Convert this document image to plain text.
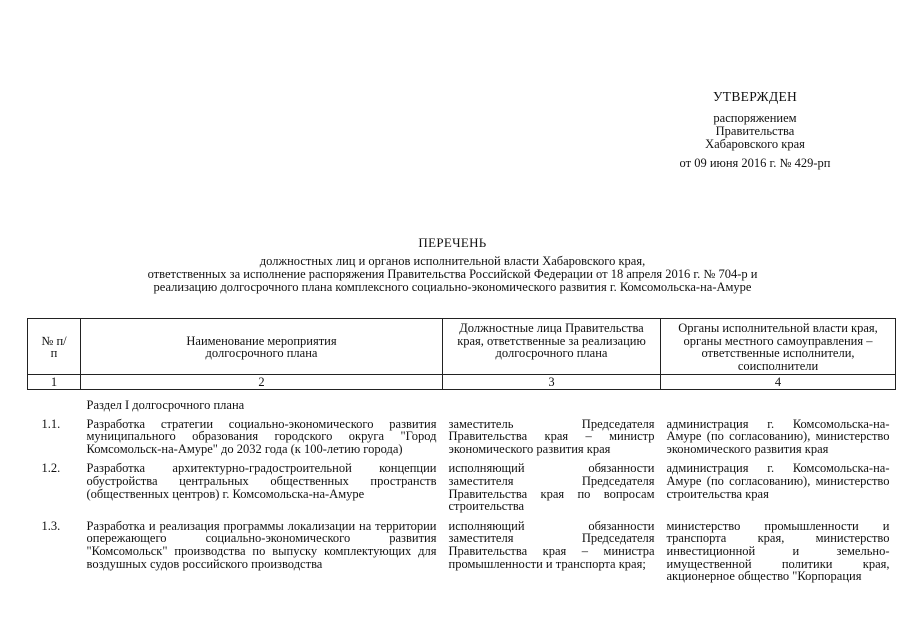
УТВЕРЖДЕН
распоряжением
Правительства
Хабаровского края
от 09 июня 2016 г. № 429-рп
ПЕРЕЧЕНЬ
должностных лиц и органов исполнительной власти Хабаровского края,
ответственных за исполнение распоряжения Правительства Российской Федерации от 18 апреля 2016 г. № 704-р и
реализацию долгосрочного плана комплексного социально-экономического развития г. Комсомольска-на-Амуре
№ п/п	Наименование мероприятия долгосрочного плана	Должностные лица Правительства края, ответственные за реализацию долгосрочного плана	Органы исполнительной власти края, органы местного самоуправления – ответственные исполнители, соисполнители
1	2	3	4
	Раздел I долгосрочного плана		
1.1.	Разработка стратегии социально-экономического развития муниципального образования городского округа "Город Комсомольск-на-Амуре" до 2032 года (к 100-летию города)	заместитель Председателя Правительства края – министр экономического развития края	администрация г. Комсомольска-на-Амуре (по согласованию), министерство экономического развития края
1.2.	Разработка архитектурно-градостроительной концепции обустройства центральных общественных пространств (общественных центров) г. Комсомольска-на-Амуре	исполняющий обязанности заместителя Председателя Правительства края по вопросам строительства	администрация г. Комсомольска-на-Амуре (по согласованию), министерство строительства края
1.3.	Разработка и реализация программы локализации на территории опережающего социально-экономического развития "Комсомольск" производства по выпуску комплектующих для воздушных судов российского производства	исполняющий обязанности заместителя Председателя Правительства края – министра промышленности и транспорта края;	министерство промышленности и транспорта края, министерство инвестиционной и земельно-имущественной политики края, акционерное общество "Корпорация
